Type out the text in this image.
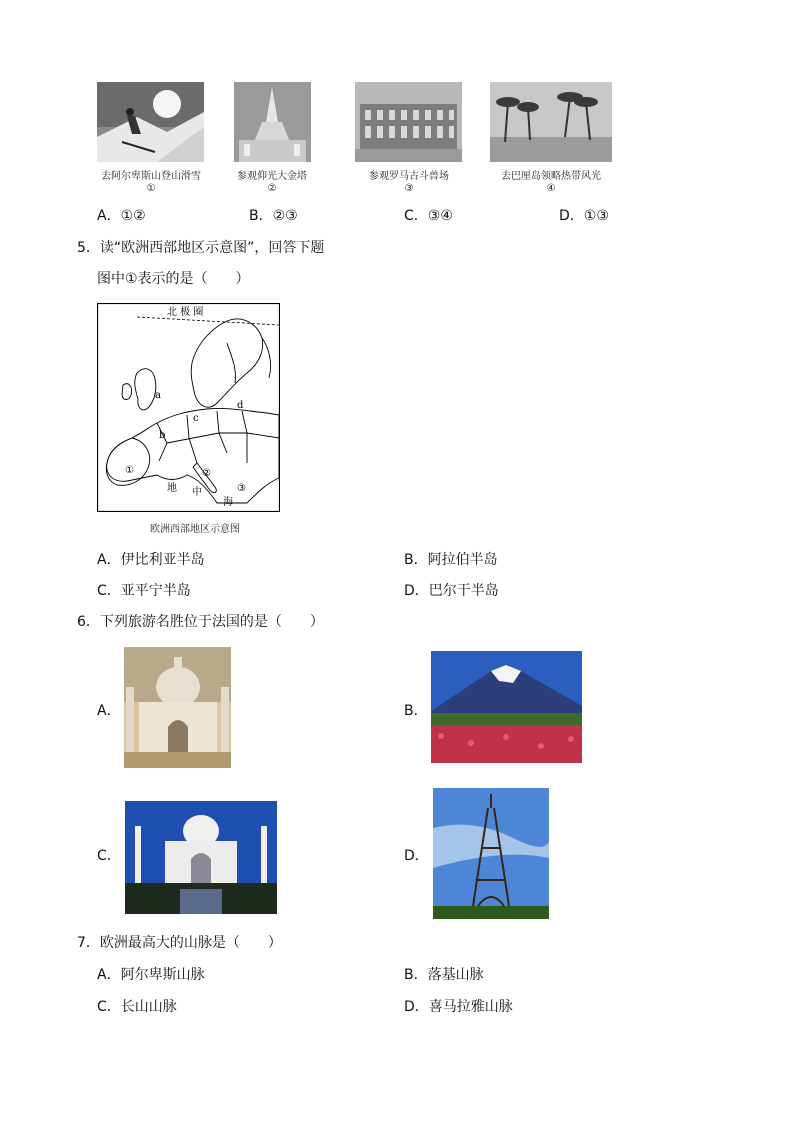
去阿尔卑斯山登山滑雪
①
参观仰光大金塔
②
参观罗马古斗兽场
③
去巴厘岛领略热带风光
④
A．①②	B．②③	C．③④	D．①③
5．读“欧洲西部地区示意图”，回答下题
图中①表示的是（　　）
北 极 圈
a
b
c
d
①	②
③
地 中
海
欧洲西部地区示意图
A．伊比利亚半岛	B．阿拉伯半岛
C．亚平宁半岛	D．巴尔干半岛
6．下列旅游名胜位于法国的是（　　）
A．	B．
C．	D．
7．欧洲最高大的山脉是（　　）
A．阿尔卑斯山脉	B．落基山脉
C．长山山脉	D．喜马拉雅山脉
